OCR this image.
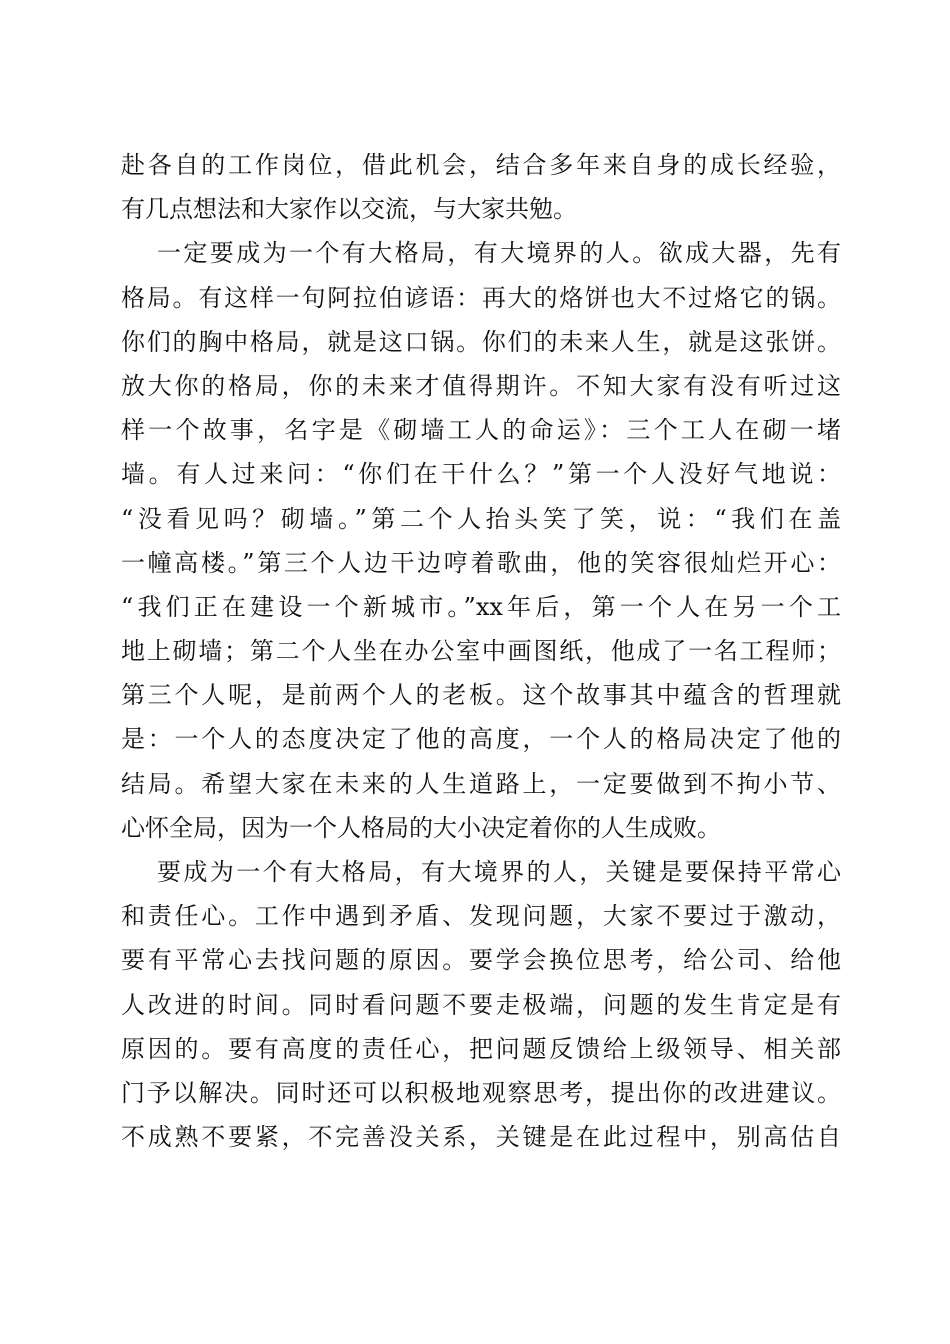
赴各自的工作岗位，借此机会，结合多年来自身的成长经验，
有几点想法和大家作以交流，与大家共勉。
一定要成为一个有大格局，有大境界的人。欲成大器，先有
格局。有这样一句阿拉伯谚语：再大的烙饼也大不过烙它的锅。
你们的胸中格局，就是这口锅。你们的未来人生，就是这张饼。
放大你的格局，你的未来才值得期许。不知大家有没有听过这
样一个故事，名字是《砌墙工人的命运》：三个工人在砌一堵
墙。有人过来问：“你们在干什么？”第一个人没好气地说：
“没看见吗？砌墙。”第二个人抬头笑了笑，说：“我们在盖
一幢高楼。”第三个人边干边哼着歌曲，他的笑容很灿烂开心：
“我们正在建设一个新城市。”xx年后，第一个人在另一个工
地上砌墙；第二个人坐在办公室中画图纸，他成了一名工程师；
第三个人呢，是前两个人的老板。这个故事其中蕴含的哲理就
是：一个人的态度决定了他的高度，一个人的格局决定了他的
结局。希望大家在未来的人生道路上，一定要做到不拘小节、
心怀全局，因为一个人格局的大小决定着你的人生成败。
要成为一个有大格局，有大境界的人，关键是要保持平常心
和责任心。工作中遇到矛盾、发现问题，大家不要过于激动，
要有平常心去找问题的原因。要学会换位思考，给公司、给他
人改进的时间。同时看问题不要走极端，问题的发生肯定是有
原因的。要有高度的责任心，把问题反馈给上级领导、相关部
门予以解决。同时还可以积极地观察思考，提出你的改进建议。
不成熟不要紧，不完善没关系，关键是在此过程中，别高估自
